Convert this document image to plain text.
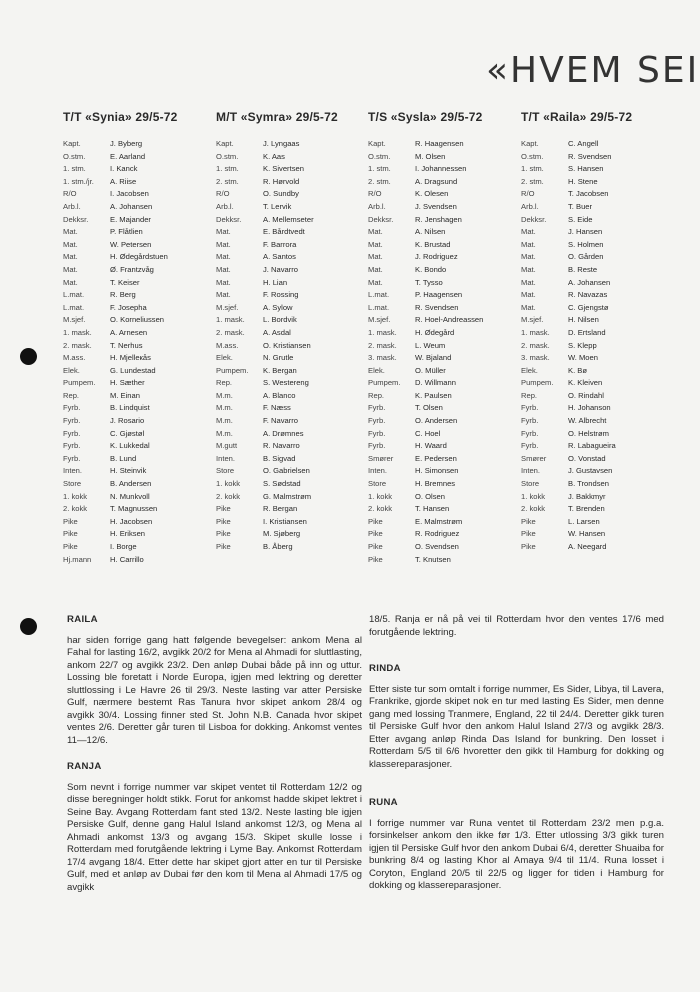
«HVEM SEI
T/T «Synia» 29/5-72
Kapt.	J. Byberg
O.stm.	E. Aarland
1. stm.	I. Kanck
1. stm./jr.	A. Riise
R/O	I. Jacobsen
Arb.l.	A. Johansen
Dekksr.	E. Majander
Mat.	P. Flåtlien
Mat.	W. Petersen
Mat.	H. Ødegårdstuen
Mat.	Ø. Frantzvåg
Mat.	T. Keiser
L.mat.	R. Berg
L.mat.	F. Josepha
M.sjef.	O. Korneliussen
1. mask.	A. Arnesen
2. mask.	T. Nerhus
M.ass.	H. Mjelleкås
Elek.	G. Lundestad
Pumpem.	H. Sæther
Rep.	M. Einan
Fyrb.	B. Lindquist
Fyrb.	J. Rosario
Fyrb.	C. Gjøstøl
Fyrb.	K. Lukkedal
Fyrb.	B. Lund
Inten.	H. Steinvik
Store	B. Andersen
1. kokk	N. Munkvoll
2. kokk	T. Magnussen
Pike	H. Jacobsen
Pike	H. Eriksen
Pike	I. Borge
Hj.mann	H. Carrillo
M/T «Symra» 29/5-72
Kapt.	J. Lyngaas
O.stm.	K. Aas
1. stm.	K. Sivertsen
2. stm.	R. Hørvold
R/O	O. Sundby
Arb.l.	T. Lervik
Dekksr.	A. Mellemseter
Mat.	E. Bårdtvedt
Mat.	F. Barrora
Mat.	A. Santos
Mat.	J. Navarro
Mat.	H. Lian
Mat.	F. Rossing
M.sjef.	A. Sylow
1. mask.	L. Bordvik
2. mask.	A. Asdal
M.ass.	O. Kristiansen
Elek.	N. Grutle
Pumpem.	K. Bergan
Rep.	S. Westereng
M.m.	A. Blanco
M.m.	F. Næss
M.m.	F. Navarro
M.m.	A. Drømnes
M.gutt	R. Navarro
Inten.	B. Sigvad
Store	O. Gabrielsen
1. kokk	S. Sødstad
2. kokk	G. Malmstrøm
Pike	R. Bergan
Pike	I. Kristiansen
Pike	M. Sjøberg
Pike	B. Åberg
T/S «Sysla» 29/5-72
Kapt.	R. Haagensen
O.stm.	M. Olsen
1. stm.	I. Johannessen
2. stm.	A. Dragsund
R/O	K. Olesen
Arb.l.	J. Svendsen
Dekksr.	R. Jenshagen
Mat.	A. Nilsen
Mat.	K. Brustad
Mat.	J. Rodriguez
Mat.	K. Bondo
Mat.	T. Tysso
L.mat.	P. Haagensen
L.mat.	R. Svendsen
M.sjef.	R. Hoel-Andreassen
1. mask.	H. Ødegård
2. mask.	L. Weum
3. mask.	W. Bjaland
Elek.	O. Müller
Pumpem.	D. Willmann
Rep.	K. Paulsen
Fyrb.	T. Olsen
Fyrb.	O. Andersen
Fyrb.	C. Hoel
Fyrb.	H. Waard
Smører	E. Pedersen
Inten.	H. Simonsen
Store	H. Bremnes
1. kokk	O. Olsen
2. kokk	T. Hansen
Pike	E. Malmstrøm
Pike	R. Rodriguez
Pike	O. Svendsen
Pike	T. Knutsen
T/T «Raila» 29/5-72
Kapt.	C. Angell
O.stm.	R. Svendsen
1. stm.	S. Hansen
2. stm.	H. Stene
R/O	T. Jacobsen
Arb.l.	T. Buer
Dekksr.	S. Eide
Mat.	J. Hansen
Mat.	S. Holmen
Mat.	O. Gården
Mat.	B. Reste
Mat.	A. Johansen
Mat.	R. Navazas
Mat.	C. Gjengstø
M.sjef.	H. Nilsen
1. mask.	D. Ertsland
2. mask.	S. Klepp
3. mask.	W. Moen
Elek.	K. Bø
Pumpem.	K. Kleiven
Rep.	O. Rindahl
Fyrb.	H. Johanson
Fyrb.	W. Albrecht
Fyrb.	O. Helstrøm
Fyrb.	R. Labagueira
Smører	O. Vonstad
Inten.	J. Gustavsen
Store	B. Trondsen
1. kokk	J. Bakkmyr
2. kokk	T. Brenden
Pike	L. Larsen
Pike	W. Hansen
Pike	A. Neegard
RAILA

har siden forrige gang hatt følgende bevegelser: ankom Mena al Fahal for lasting 16/2, avgikk 20/2 for Mena al Ahmadi for sluttlasting, ankom 22/7 og avgikk 23/2. Den anløp Dubai både på inn og uttur. Lossing ble foretatt i Norde Europa, igjen med lektring og deretter sluttlossing i Le Havre 26 til 29/3. Neste lasting var atter Persiske Gulf, nærmere bestemt Ras Tanura hvor skipet ankom 28/4 og avgikk 30/4. Lossing finner sted St. John N.B. Canada hvor skipet ventes 2/6. Deretter går turen til Lisboa for dokking. Ankomst ventes 11—12/6.

RANJA

Som nevnt i forrige nummer var skipet ventet til Rotterdam 12/2 og disse beregninger holdt stikk. Forut for ankomst hadde skipet lektret i Seine Bay. Avgang Rotterdam fant sted 13/2. Neste lasting ble igjen Persiske Gulf, denne gang Halul Island ankomst 12/3, og Mena al Ahmadi ankomst 13/3 og avgang 15/3. Skipet skulle losse i Rotterdam med forutgående lektring i Lyme Bay. Ankomst Rotterdam 17/4 avgang 18/4. Etter dette har skipet gjort atter en tur til Persiske Gulf, med et anløp av Dubai før den kom til Mena al Ahmadi 17/5 og avgikk

18/5. Ranja er nå på vei til Rotterdam hvor den ventes 17/6 med forutgående lektring.

RINDA

Etter siste tur som omtalt i forrige nummer, Es Sider, Libya, til Lavera, Frankrike, gjorde skipet nok en tur med lasting Es Sider, men denne gang med lossing Tranmere, England, 22 til 24/4. Deretter gikk turen til Persiske Gulf hvor den ankom Halul Island 27/3 og avgikk 28/3. Etter avgang anløp Rinda Das Island for bunkring. Den losset i Rotterdam 5/5 til 6/6 hvoretter den gikk til Hamburg for dokking og klassereparasjoner.

RUNA

I forrige nummer var Runa ventet til Rotterdam 23/2 men p.g.a. forsinkelser ankom den ikke før 1/3. Etter utlossing 3/3 gikk turen igjen til Persiske Gulf hvor den ankom Dubai 6/4, deretter Shuaiba for bunkring 8/4 og lasting Khor al Amaya 9/4 til 11/4. Runa losset i Coryton, England 20/5 til 22/5 og ligger for tiden i Hamburg for dokking og klassereparasjoner.
